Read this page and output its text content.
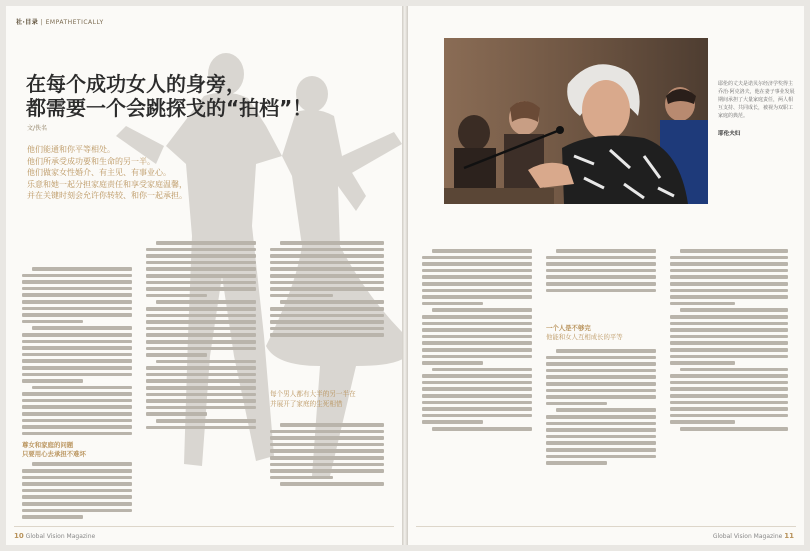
社·目录 | EMPATHETICALLY
在每个成功女人的身旁，
都需要一个会跳探戈的“拍档”！
文/佚名
他们能通和你平等相处。
他们所承受成功要和生命的另一半。
他们做家女性婚介、有主见、有事业心。
乐意和她一起分担家庭责任和享受家庭温馨，
并在关键时刻会允许你转较、和你一起承担。
尊女和家庭的问题
只要用心去承担不难坏
每个男人都有大半的另一半在
并展开了家庭的生死相惜
10 Global Vision Magazine
耶伦的丈夫是诺贝尔经济学奖得主
乔治·阿克洛夫，他在妻子事业发展
期间承担了大量家庭责任，两人相
互支持、共同成长，被视为双职工
家庭的典范。
耶伦夫妇
一个人是不够完
他能和女人互相成长的平等
Global Vision Magazine 11
